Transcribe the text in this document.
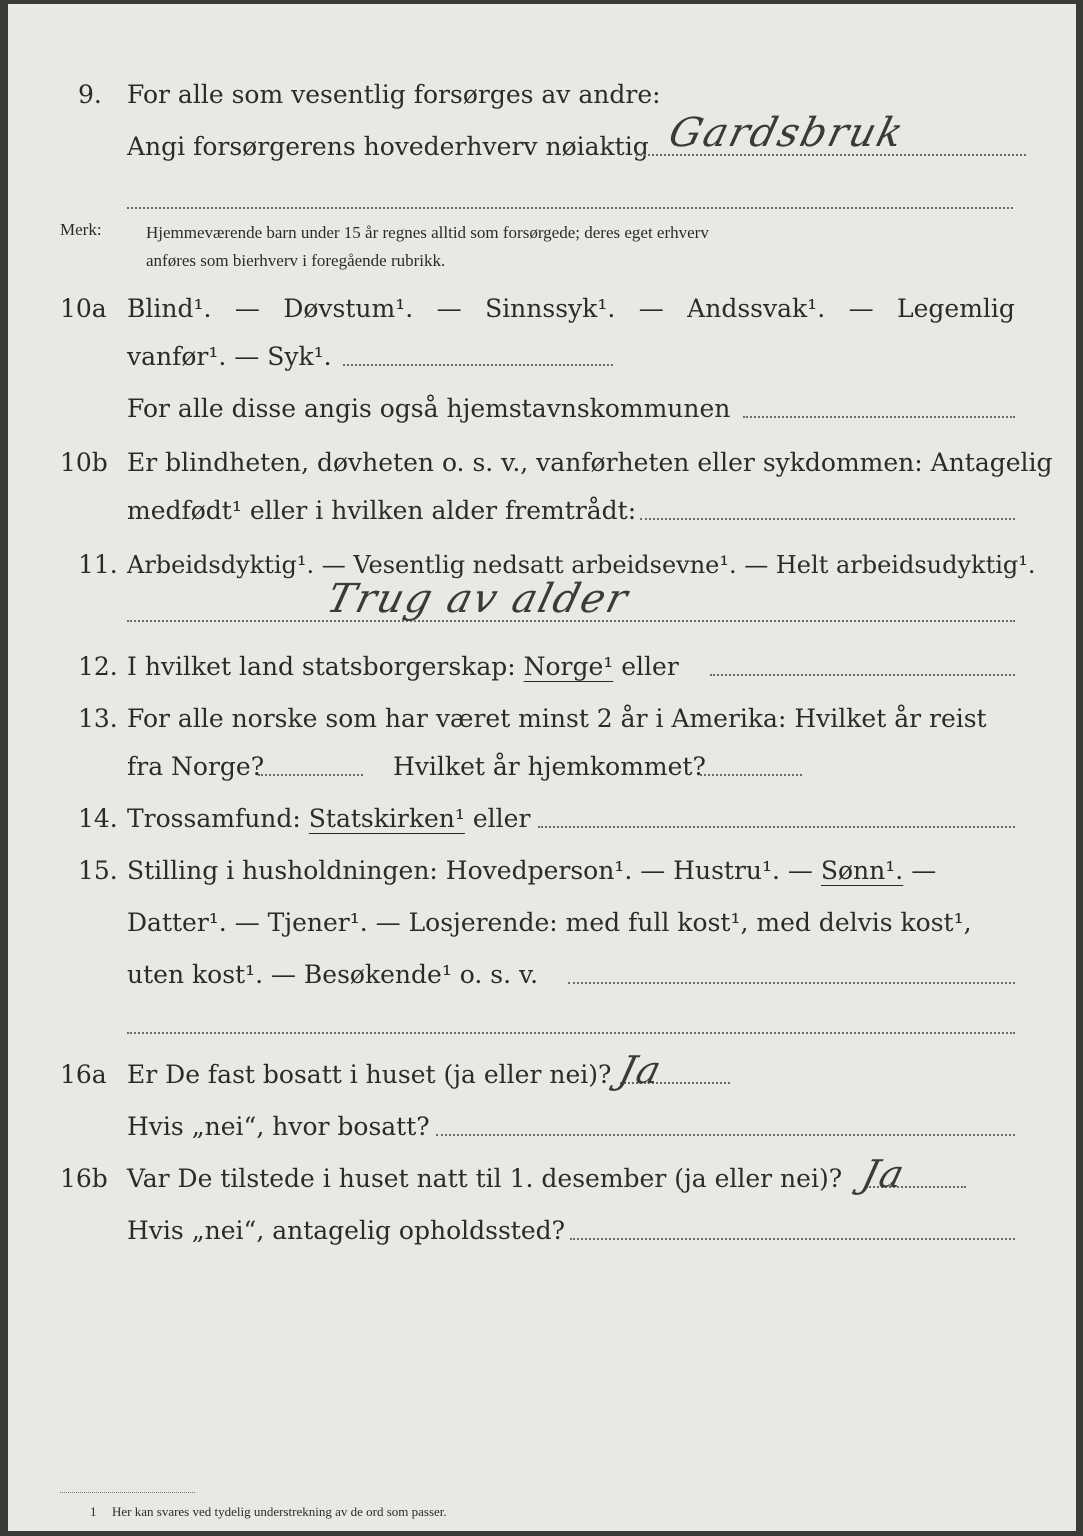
9. For alle som vesentlig forsørges av andre:
Angi forsørgerens hovederhverv nøiaktig Gardsbruk
Merk:	Hjemmeværende barn under 15 år regnes alltid som forsørgede; deres eget erhverv
anføres som bierhverv i foregående rubrikk.
10a Blind¹. — Døvstum¹. — Sinnssyk¹. — Andssvak¹. — Legemlig
vanfør¹. — Syk¹.
For alle disse angis også hjemstavnskommunen
10b Er blindheten, døvheten o. s. v., vanførheten eller sykdommen: Antagelig
medfødt¹ eller i hvilken alder fremtrådt:
11. Arbeidsdyktig¹. — Vesentlig nedsatt arbeidsevne¹. — Helt arbeidsudyktig¹.
Trug av alder
12. I hvilket land statsborgerskap: Norge¹ eller
13. For alle norske som har været minst 2 år i Amerika: Hvilket år reist
fra Norge?	Hvilket år hjemkommet?
14. Trossamfund: Statskirken¹ eller
15. Stilling i husholdningen: Hovedperson¹. — Hustru¹. — Sønn¹. —
Datter¹. — Tjener¹. — Losjerende: med full kost¹, med delvis kost¹,
uten kost¹. — Besøkende¹ o. s. v.
16a Er De fast bosatt i huset (ja eller nei)? Ja
Hvis „nei“, hvor bosatt?
16b Var De tilstede i huset natt til 1. desember (ja eller nei)? Ja
Hvis „nei“, antagelig opholdssted?
1 Her kan svares ved tydelig understrekning av de ord som passer.
